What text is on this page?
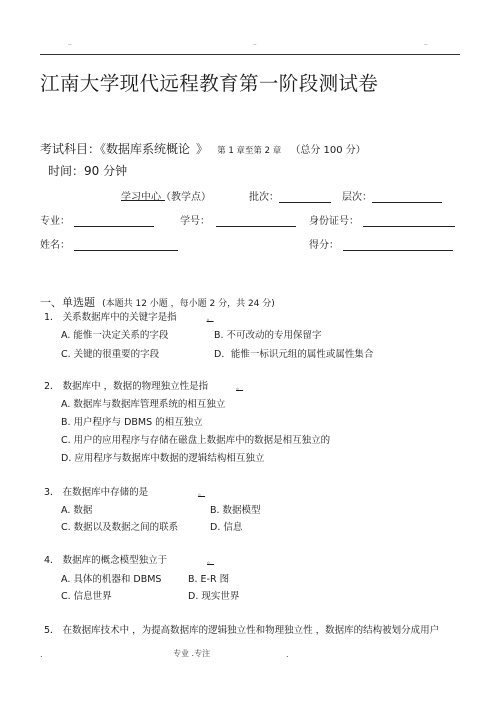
..	..	..
江南大学现代远程教育第一阶段测试卷
考试科目：《数据库系统概论 》 第 1 章至第 2 章 （总分 100 分）
时间：90 分钟
学习中心（教学点）	批次：	层次：
专业：	学号：	身份证号：
姓名：	得分：
一、单选题 (本题共 12 小题 ，每小题 2 分，共 24 分)
1． 关系数据库中的关键字是指	。
A. 能惟一决定关系的字段	B. 不可改动的专用保留字
C. 关键的很重要的字段	D．能惟一标识元组的属性或属性集合
2． 数据库中 ，数据的物理独立性是指	。
A. 数据库与数据库管理系统的相互独立
B. 用户程序与 DBMS 的相互独立
C. 用户的应用程序与存储在磁盘上数据库中的数据是相互独立的
D. 应用程序与数据库中数据的逻辑结构相互独立
3． 在数据库中存储的是	。
A. 数据	B. 数据模型
C. 数据以及数据之间的联系	D. 信息
4． 数据库的概念模型独立于	。
A. 具体的机器和 DBMS	B. E-R 图
C. 信息世界	D. 现实世界
5． 在数据库技术中 ，为提高数据库的逻辑独立性和物理独立性 ，数据库的结构被划分成用户
.	专业 .专注	.
